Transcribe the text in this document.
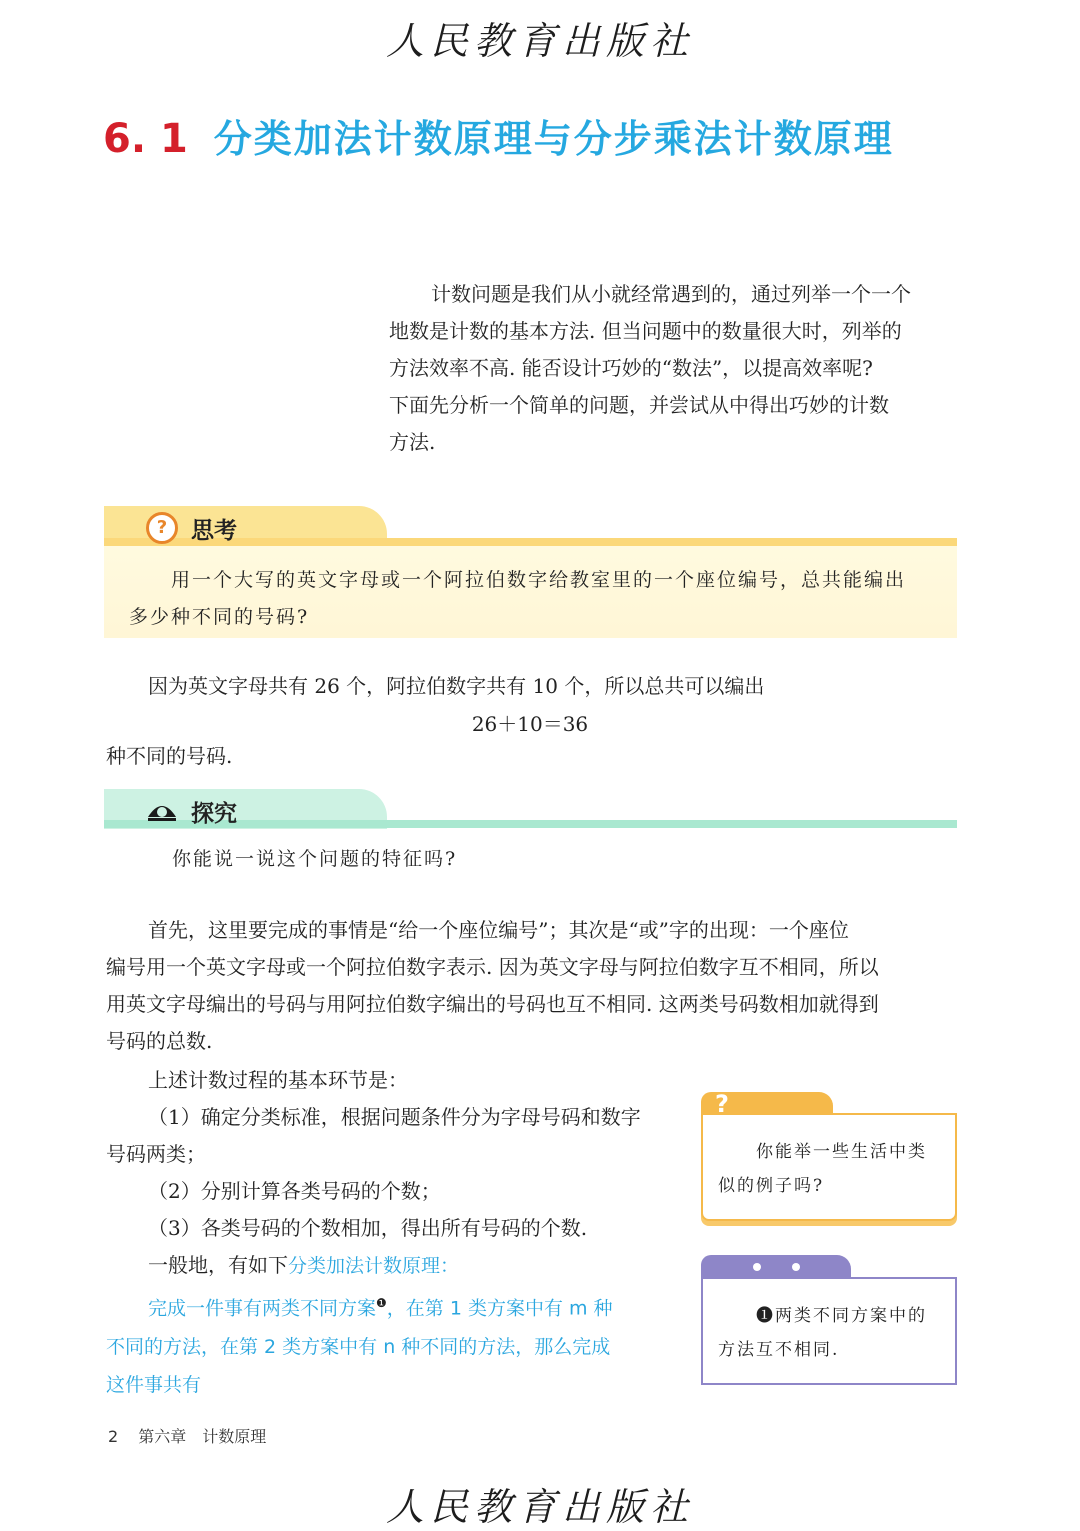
人民教育出版社
6. 1 分类加法计数原理与分步乘法计数原理
计数问题是我们从小就经常遇到的，通过列举一个一个
地数是计数的基本方法. 但当问题中的数量很大时，列举的
方法效率不高. 能否设计巧妙的“数法”，以提高效率呢?
下面先分析一个简单的问题，并尝试从中得出巧妙的计数
方法.
?	思考
用一个大写的英文字母或一个阿拉伯数字给教室里的一个座位编号，总共能编出
多少种不同的号码?
因为英文字母共有 26 个，阿拉伯数字共有 10 个，所以总共可以编出
26＋10＝36
种不同的号码.
探究
你能说一说这个问题的特征吗?
首先，这里要完成的事情是“给一个座位编号”；其次是“或”字的出现：一个座位
编号用一个英文字母或一个阿拉伯数字表示. 因为英文字母与阿拉伯数字互不相同，所以
用英文字母编出的号码与用阿拉伯数字编出的号码也互不相同. 这两类号码数相加就得到
号码的总数.
上述计数过程的基本环节是：
（1）确定分类标准，根据问题条件分为字母号码和数字
号码两类；
（2）分别计算各类号码的个数；
（3）各类号码的个数相加，得出所有号码的个数.
一般地，有如下分类加法计数原理：
完成一件事有两类不同方案$^❶$，在第 1 类方案中有 m 种
不同的方法，在第 2 类方案中有 n 种不同的方法，那么完成
这件事共有
?
你能举一些生活中类
似的例子吗?
❶两类不同方案中的
方法互不相同.
2 第六章　计数原理
人民教育出版社
